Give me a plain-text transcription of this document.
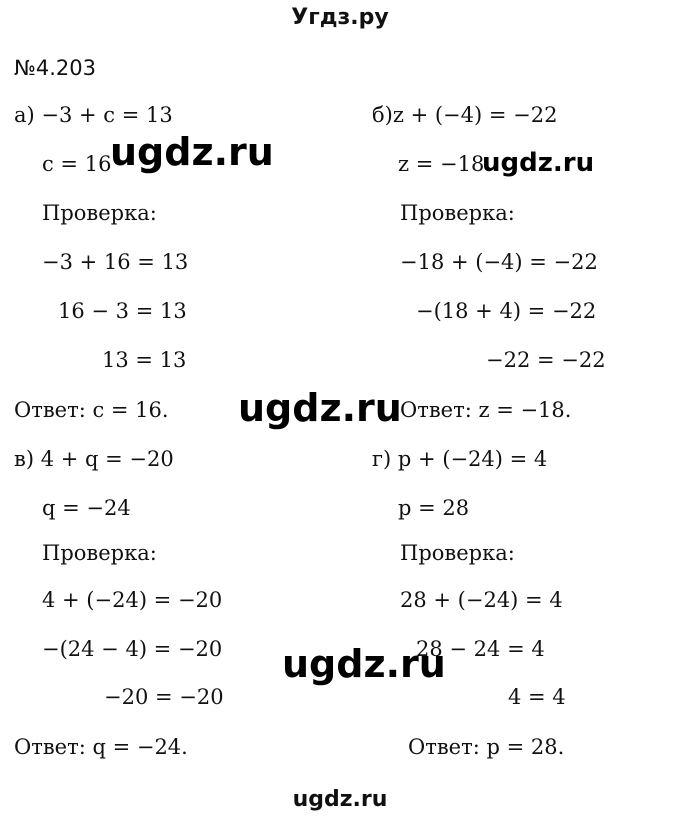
Угдз.ру
№4.203
а) −3 + c = 13
c = 16
Проверка:
−3 + 16 = 13
16 − 3 = 13
13 = 13
Ответ: c = 16.
б)z + (−4) = −22
z = −18
Проверка:
−18 + (−4) = −22
−(18 + 4) = −22
−22 = −22
Ответ: z = −18.
в) 4 + q = −20
q = −24
Проверка:
4 + (−24) = −20
−(24 − 4) = −20
−20 = −20
Ответ: q = −24.
г) p + (−24) = 4
p = 28
Проверка:
28 + (−24) = 4
28 − 24 = 4
4 = 4
Ответ: p = 28.
ugdz.ru	ugdz.ru
ugdz.ru
ugdz.ru
ugdz.ru
